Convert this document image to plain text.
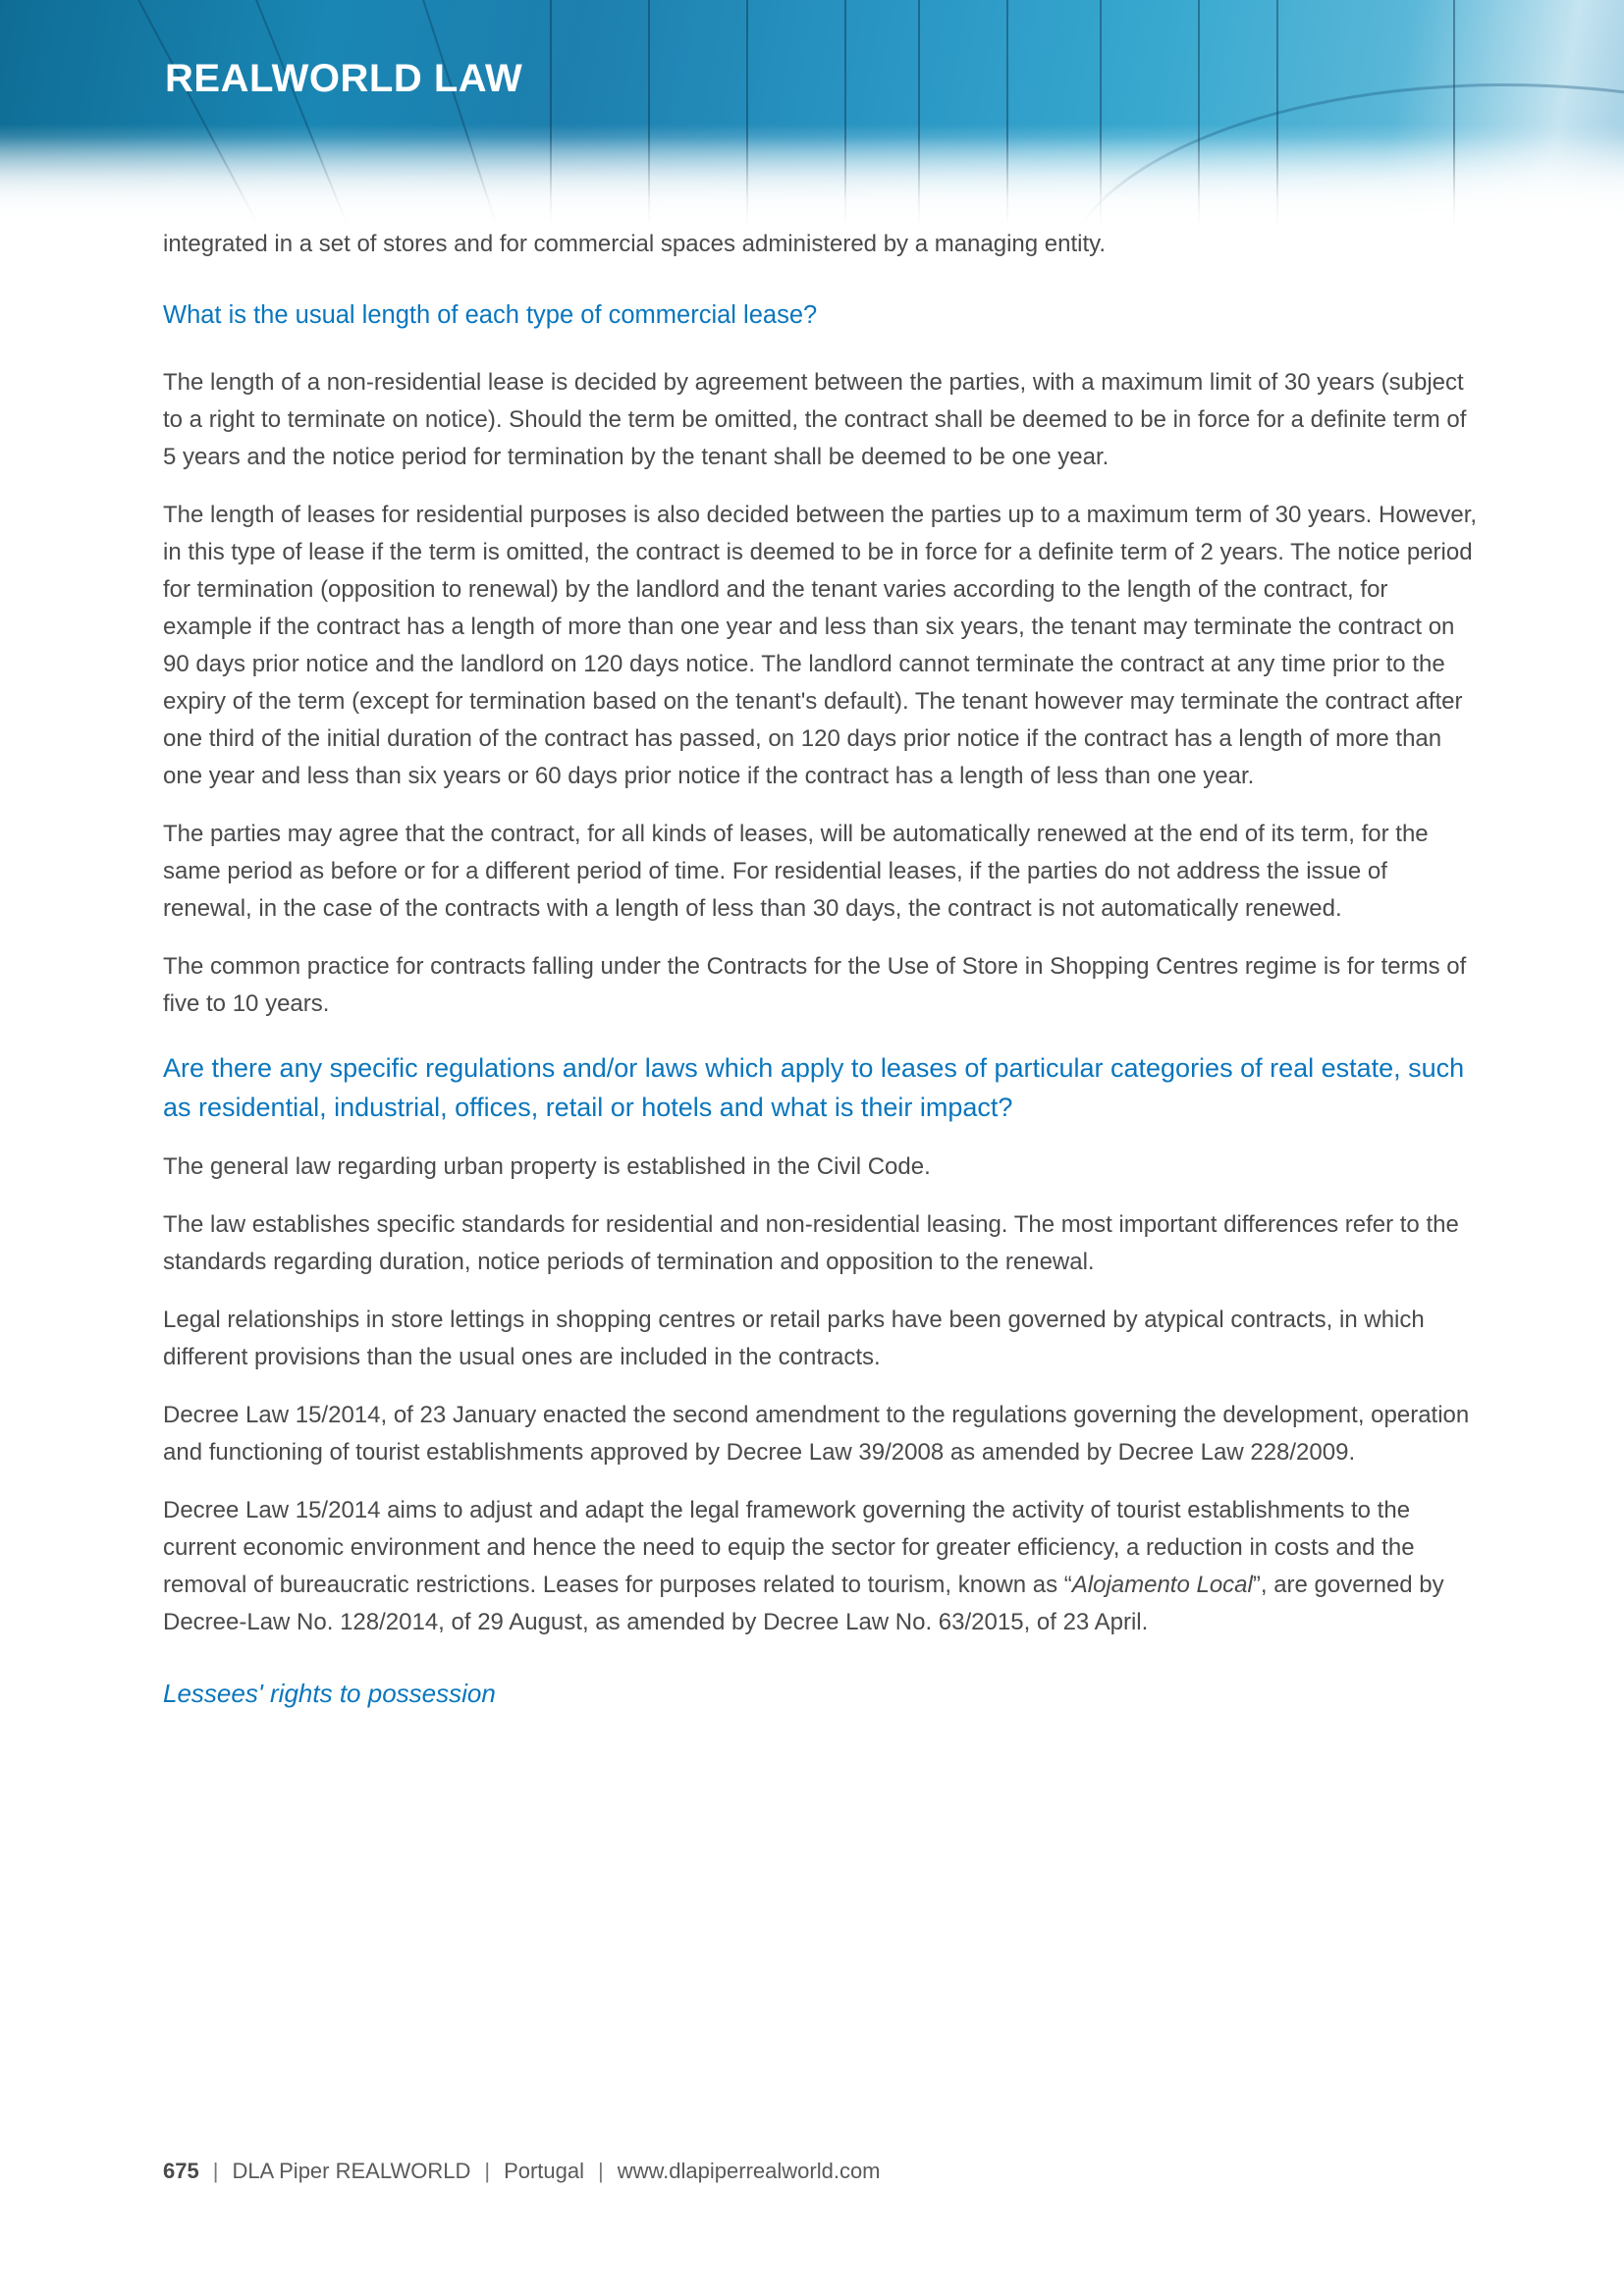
REALWORLD LAW

integrated in a set of stores and for commercial spaces administered by a managing entity.

What is the usual length of each type of commercial lease?

The length of a non-residential lease is decided by agreement between the parties, with a maximum limit of 30 years (subject to a right to terminate on notice). Should the term be omitted, the contract shall be deemed to be in force for a definite term of 5 years and the notice period for termination by the tenant shall be deemed to be one year.

The length of leases for residential purposes is also decided between the parties up to a maximum term of 30 years. However, in this type of lease if the term is omitted, the contract is deemed to be in force for a definite term of 2 years. The notice period for termination (opposition to renewal) by the landlord and the tenant varies according to the length of the contract, for example if the contract has a length of more than one year and less than six years, the tenant may terminate the contract on 90 days prior notice and the landlord on 120 days notice. The landlord cannot terminate the contract at any time prior to the expiry of the term (except for termination based on the tenant's default). The tenant however may terminate the contract after one third of the initial duration of the contract has passed, on 120 days prior notice if the contract has a length of more than one year and less than six years or 60 days prior notice if the contract has a length of less than one year.

The parties may agree that the contract, for all kinds of leases, will be automatically renewed at the end of its term, for the same period as before or for a different period of time. For residential leases, if the parties do not address the issue of renewal, in the case of the contracts with a length of less than 30 days, the contract is not automatically renewed.

The common practice for contracts falling under the Contracts for the Use of Store in Shopping Centres regime is for terms of five to 10 years.

Are there any specific regulations and/or laws which apply to leases of particular categories of real estate, such as residential, industrial, offices, retail or hotels and what is their impact?

The general law regarding urban property is established in the Civil Code.

The law establishes specific standards for residential and non-residential leasing. The most important differences refer to the standards regarding duration, notice periods of termination and opposition to the renewal.

Legal relationships in store lettings in shopping centres or retail parks have been governed by atypical contracts, in which different provisions than the usual ones are included in the contracts.

Decree Law 15/2014, of 23 January enacted the second amendment to the regulations governing the development, operation and functioning of tourist establishments approved by Decree Law 39/2008 as amended by Decree Law 228/2009.

Decree Law 15/2014 aims to adjust and adapt the legal framework governing the activity of tourist establishments to the current economic environment and hence the need to equip the sector for greater efficiency, a reduction in costs and the removal of bureaucratic restrictions. Leases for purposes related to tourism, known as “Alojamento Local”, are governed by Decree-Law No. 128/2014, of 29 August, as amended by Decree Law No. 63/2015, of 23 April.

Lessees' rights to possession
675 | DLA Piper REALWORLD | Portugal | www.dlapiperrealworld.com
